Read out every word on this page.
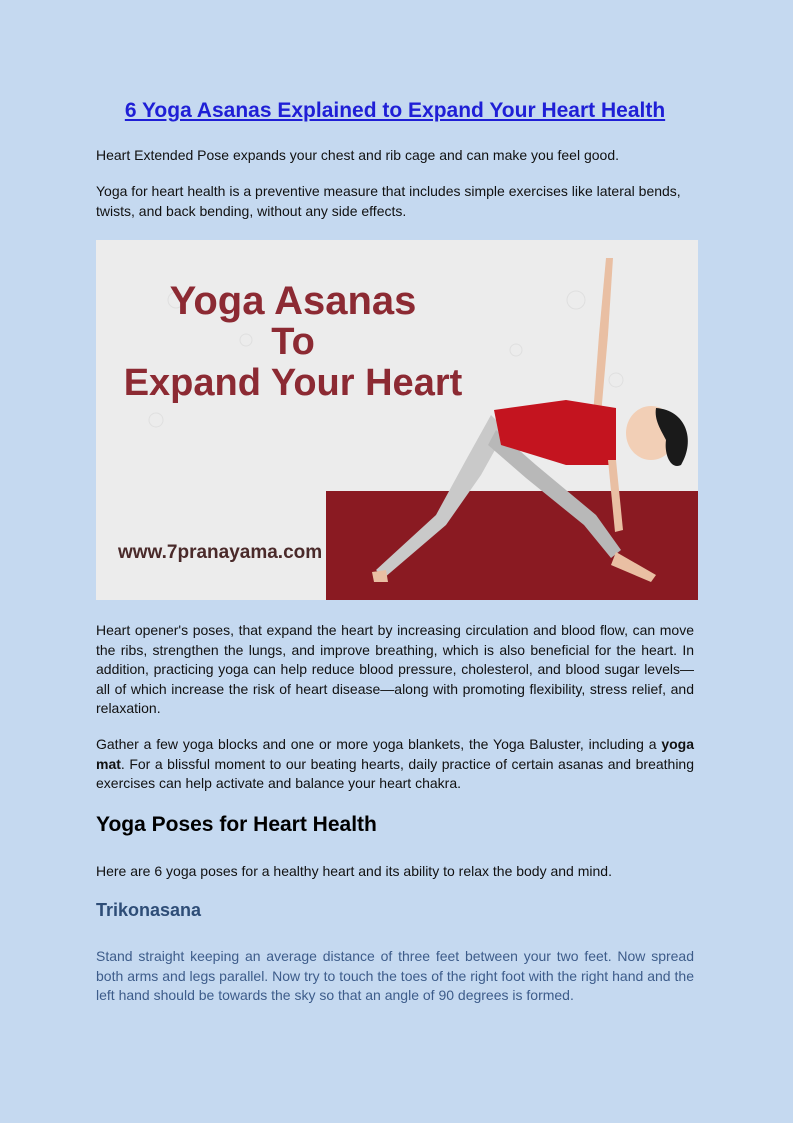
6 Yoga Asanas Explained to Expand Your Heart Health

Heart Extended Pose expands your chest and rib cage and can make you feel good.

Yoga for heart health is a preventive measure that includes simple exercises like lateral bends, twists, and back bending, without any side effects.

Yoga Asanas
To
Expand Your Heart
www.7pranayama.com

Heart opener's poses, that expand the heart by increasing circulation and blood flow, can move the ribs, strengthen the lungs, and improve breathing, which is also beneficial for the heart. In addition, practicing yoga can help reduce blood pressure, cholesterol, and blood sugar levels—all of which increase the risk of heart disease—along with promoting flexibility, stress relief, and relaxation.

Gather a few yoga blocks and one or more yoga blankets, the Yoga Baluster, including a yoga mat. For a blissful moment to our beating hearts, daily practice of certain asanas and breathing exercises can help activate and balance your heart chakra.

Yoga Poses for Heart Health

Here are 6 yoga poses for a healthy heart and its ability to relax the body and mind.

Trikonasana

Stand straight keeping an average distance of three feet between your two feet. Now spread both arms and legs parallel. Now try to touch the toes of the right foot with the right hand and the left hand should be towards the sky so that an angle of 90 degrees is formed.
